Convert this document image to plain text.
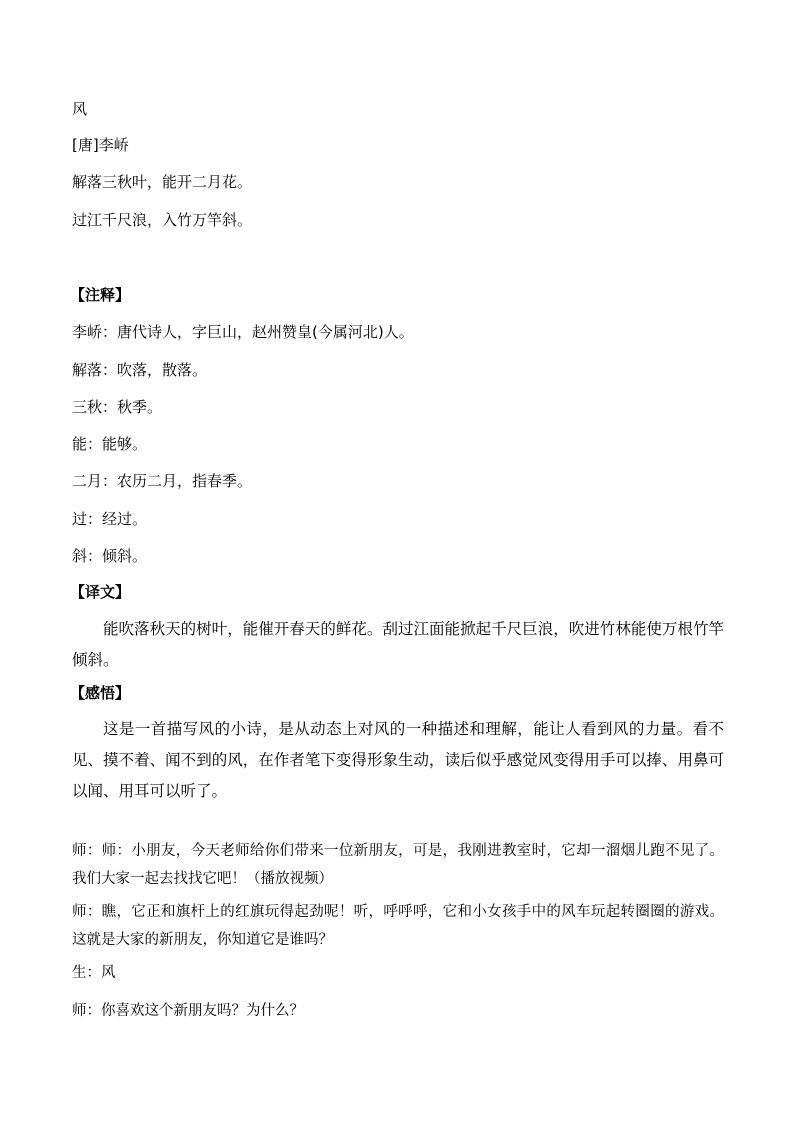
风
[唐]李峤
解落三秋叶，能开二月花。
过江千尺浪，入竹万竿斜。
【注释】
李峤：唐代诗人，字巨山，赵州赞皇(今属河北)人。
解落：吹落，散落。
三秋：秋季。
能：能够。
二月：农历二月，指春季。
过：经过。
斜：倾斜。
【译文】
能吹落秋天的树叶，能催开春天的鲜花。刮过江面能掀起千尺巨浪，吹进竹林能使万根竹竿倾斜。
【感悟】
这是一首描写风的小诗，是从动态上对风的一种描述和理解，能让人看到风的力量。看不见、摸不着、闻不到的风，在作者笔下变得形象生动，读后似乎感觉风变得用手可以捧、用鼻可以闻、用耳可以听了。
师：师：小朋友，今天老师给你们带来一位新朋友，可是，我刚进教室时，它却一溜烟儿跑不见了。我们大家一起去找找它吧！（播放视频）
师：瞧，它正和旗杆上的红旗玩得起劲呢！听，呼呼呼，它和小女孩手中的风车玩起转圈圈的游戏。这就是大家的新朋友，你知道它是谁吗？
生：风
师：你喜欢这个新朋友吗？为什么？
